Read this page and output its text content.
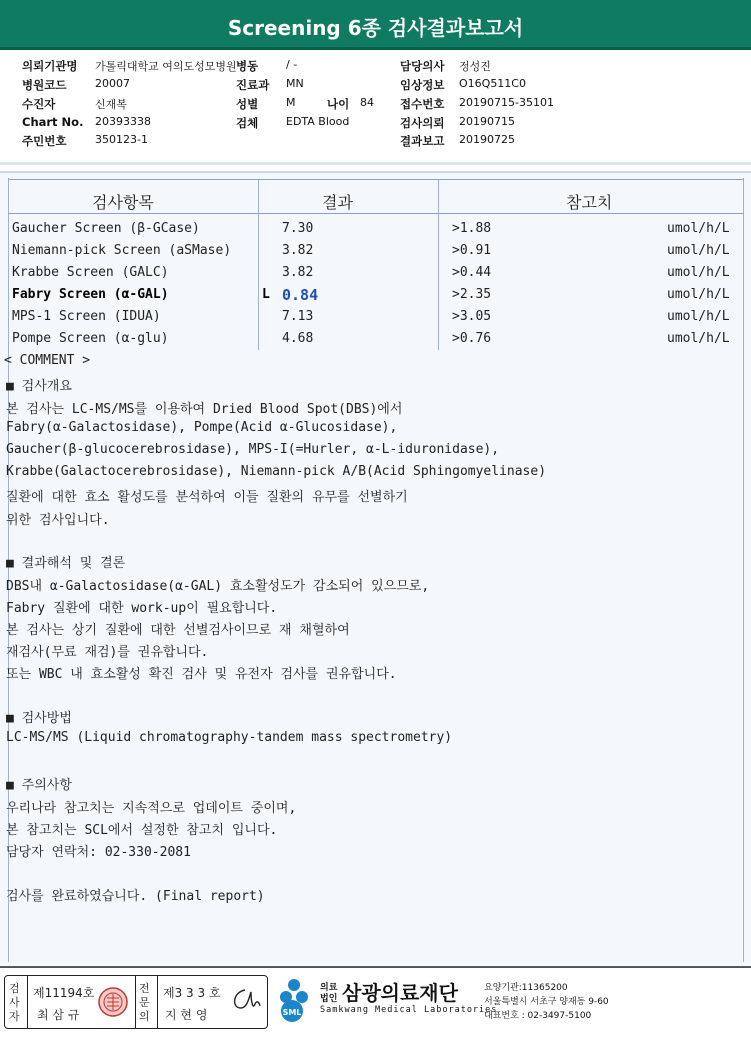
Screening 6종 검사결과보고서
의뢰기관명 가톨릭대학교 여의도성모병원 병동	/ -	담당의사 정성진
병원코드	20007	진료과 MN	임상정보 O16Q511C0
수진자	신재복	성별	M	나이 84 접수번호 20190715-35101
Chart No. 20393338	검체	EDTA Blood	검사의뢰 20190715
주민번호	350123-1	결과보고 20190725
검사항목	결과	참고치
Gaucher Screen (β-GCase)	7.30	>1.88	umol/h/L
Niemann-pick Screen (aSMase)	3.82	>0.91	umol/h/L
Krabbe Screen (GALC)	3.82	>0.44	umol/h/L
Fabry Screen (α-GAL)	L 0.84	>2.35	umol/h/L
MPS-1 Screen (IDUA)	7.13	>3.05	umol/h/L
Pompe Screen (α-glu)	4.68	>0.76	umol/h/L
< COMMENT >
■ 검사개요
본 검사는 LC-MS/MS를 이용하여 Dried Blood Spot(DBS)에서
Fabry(α-Galactosidase), Pompe(Acid α-Glucosidase),
Gaucher(β-glucocerebrosidase), MPS-I(=Hurler, α-L-iduronidase),
Krabbe(Galactocerebrosidase), Niemann-pick A/B(Acid Sphingomyelinase)
질환에 대한 효소 활성도를 분석하여 이들 질환의 유무를 선별하기
위한 검사입니다.
■ 결과해석 및 결론
DBS내 α-Galactosidase(α-GAL) 효소활성도가 감소되어 있으므로,
Fabry 질환에 대한 work-up이 필요합니다.
본 검사는 상기 질환에 대한 선별검사이므로 재 채혈하여
재검사(무료 재검)를 권유합니다.
또는 WBC 내 효소활성 확진 검사 및 유전자 검사를 권유합니다.
■ 검사방법
LC-MS/MS (Liquid chromatography-tandem mass spectrometry)
■ 주의사항
우리나라 참고치는 지속적으로 업데이트 중이며,
본 참고치는 SCL에서 설정한 참고치 입니다.
담당자 연락처: 02-330-2081
검사를 완료하였습니다. (Final report)
검사자
제11194호
최 삼 규
전문의
제3 3 3 호
지 현 영	SML
의료
법인 삼광의료재단
Samkwang Medical Laboratories
요양기관:11365200
서울특별시 서초구 양재동 9-60
대표번호 : 02-3497-5100
